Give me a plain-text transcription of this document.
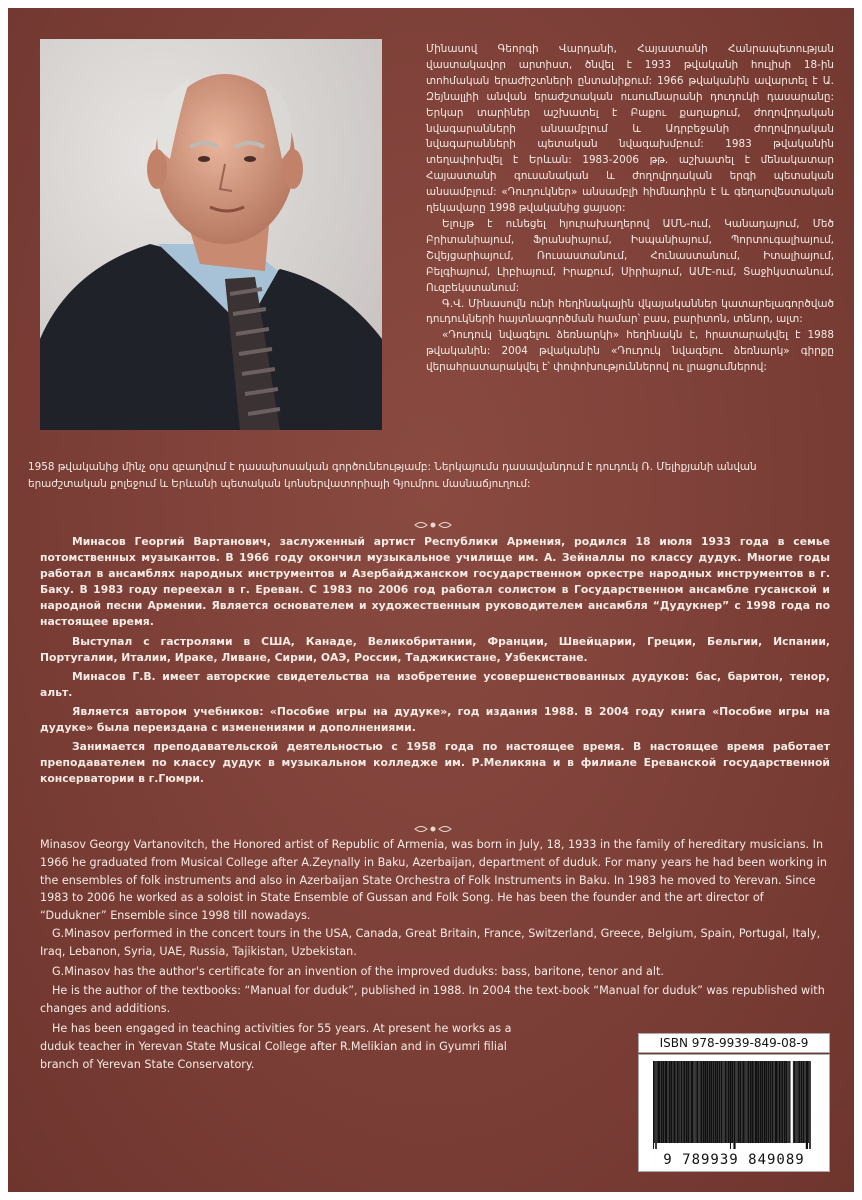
Մինասով Գեորգի Վարդանի, Հայաստանի Հանրապետության վաստակավոր արտիստ, ծնվել է 1933 թվականի հուլիսի 18-ին տոհմական երաժիշտների ընտանիքում: 1966 թվականին ավարտել է Ա. Զեյնալլիի անվան երաժշտական ուսումնարանի դուդուկի դասարանը: Երկար տարիներ աշխատել է Բաքու քաղաքում, ժողովրդական նվագարանների անսամբլում և Ադրբեջանի ժողովրդական նվագարանների պետական նվագախմբում: 1983 թվականին տեղափոխվել է Երևան: 1983-2006 թթ. աշխատել է մենակատար Հայաստանի գուսանական և ժողովրդական երգի պետական անսամբլում: «Դուդուկներ» անսամբլի հիմնադիրն է և գեղարվեստական ղեկավարը 1998 թվականից ցայսօր:

Ելույթ է ունեցել հյուրախաղերով ԱՄՆ-ում, Կանադայում, Մեծ Բրիտանիայում, Ֆրանսիայում, Իսպանիայում, Պորտուգալիայում, Շվեյցարիայում, Ռուսաստանում, Հունաստանում, Իտալիայում, Բելգիայում, Լիբիայում, Իրաքում, Սիրիայում, ԱՄԷ-ում, Տաջիկստանում, Ուզբեկստանում:

Գ.Վ. Մինասովն ունի հեղինակային վկայականներ կատարելագործված դուդուկների հայտնագործման համար՝ բաս, բարիտոն, տենոր, ալտ:

«Դուդուկ նվագելու ձեռնարկի» հեղինակն է, հրատարակվել է 1988 թվականին: 2004 թվականին «Դուդուկ նվագելու ձեռնարկ» գիրքը վերահրատարակվել է՝ փոփոխություններով ու լրացումներով:

1958 թվականից մինչ օրս զբաղվում է դասախոսական գործունեությամբ: Ներկայումս դասավանդում է դուդուկ Ռ. Մելիքյանի անվան երաժշտական քոլեջում և Երևանի պետական կոնսերվատորիայի Գյումրու մասնաճյուղում:

Минасов Георгий Вартанович, заслуженный артист Республики Армения, родился 18 июля 1933 года в семье потомственных музыкантов. В 1966 году окончил музыкальное училище им. А. Зейналлы по классу дудук. Многие годы работал в ансамблях народных инструментов и Азербайджанском государственном оркестре народных инструментов в г. Баку. В 1983 году переехал в г. Ереван. С 1983 по 2006 год работал солистом в Государственном ансамбле гусанской и народной песни Армении. Является основателем и художественным руководителем ансамбля “Дудукнер” с 1998 года по настоящее время.

Выступал с гастролями в США, Канаде, Великобритании, Франции, Швейцарии, Греции, Бельгии, Испании, Португалии, Италии, Ираке, Ливане, Сирии, ОАЭ, России, Таджикистане, Узбекистане.

Минасов Г.В. имеет авторские свидетельства на изобретение усовершенствованных дудуков: бас, баритон, тенор, альт.

Является автором учебников: «Пособие игры на дудуке», год издания 1988. В 2004 году книга «Пособие игры на дудуке» была переиздана с изменениями и дополнениями.

Занимается преподавательской деятельностью с 1958 года по настоящее время. В настоящее время работает преподавателем по классу дудук в музыкальном колледже им. Р.Меликяна и в филиале Ереванской государственной консерватории в г.Гюмри.

Minasov Georgy Vartanovitch, the Honored artist of Republic of Armenia, was born in July, 18, 1933 in the family of hereditary musicians. In 1966 he graduated from Musical College after A.Zeynally in Baku, Azerbaijan, department of duduk. For many years he had been working in the ensembles of folk instruments and also in Azerbaijan State Orchestra of Folk Instruments in Baku. In 1983 he moved to Yerevan. Since 1983 to 2006 he worked as a soloist in State Ensemble of Gussan and Folk Song. He has been the founder and the art director of “Dudukner” Ensemble since 1998 till nowadays.

G.Minasov performed in the concert tours in the USA, Canada, Great Britain, France, Switzerland, Greece, Belgium, Spain, Portugal, Italy, Iraq, Lebanon, Syria, UAE, Russia, Tajikistan, Uzbekistan.

G.Minasov has the author's certificate for an invention of the improved duduks: bass, baritone, tenor and alt.

He is the author of the textbooks: “Manual for duduk”, published in 1988. In 2004 the text-book “Manual for duduk” was republished with changes and additions.

He has been engaged in teaching activities for 55 years. At present he works as a duduk teacher in Yerevan State Musical College after R.Melikian and in Gyumri filial branch of Yerevan State Conservatory.

ISBN 978-9939-849-08-9
9 789939 849089
